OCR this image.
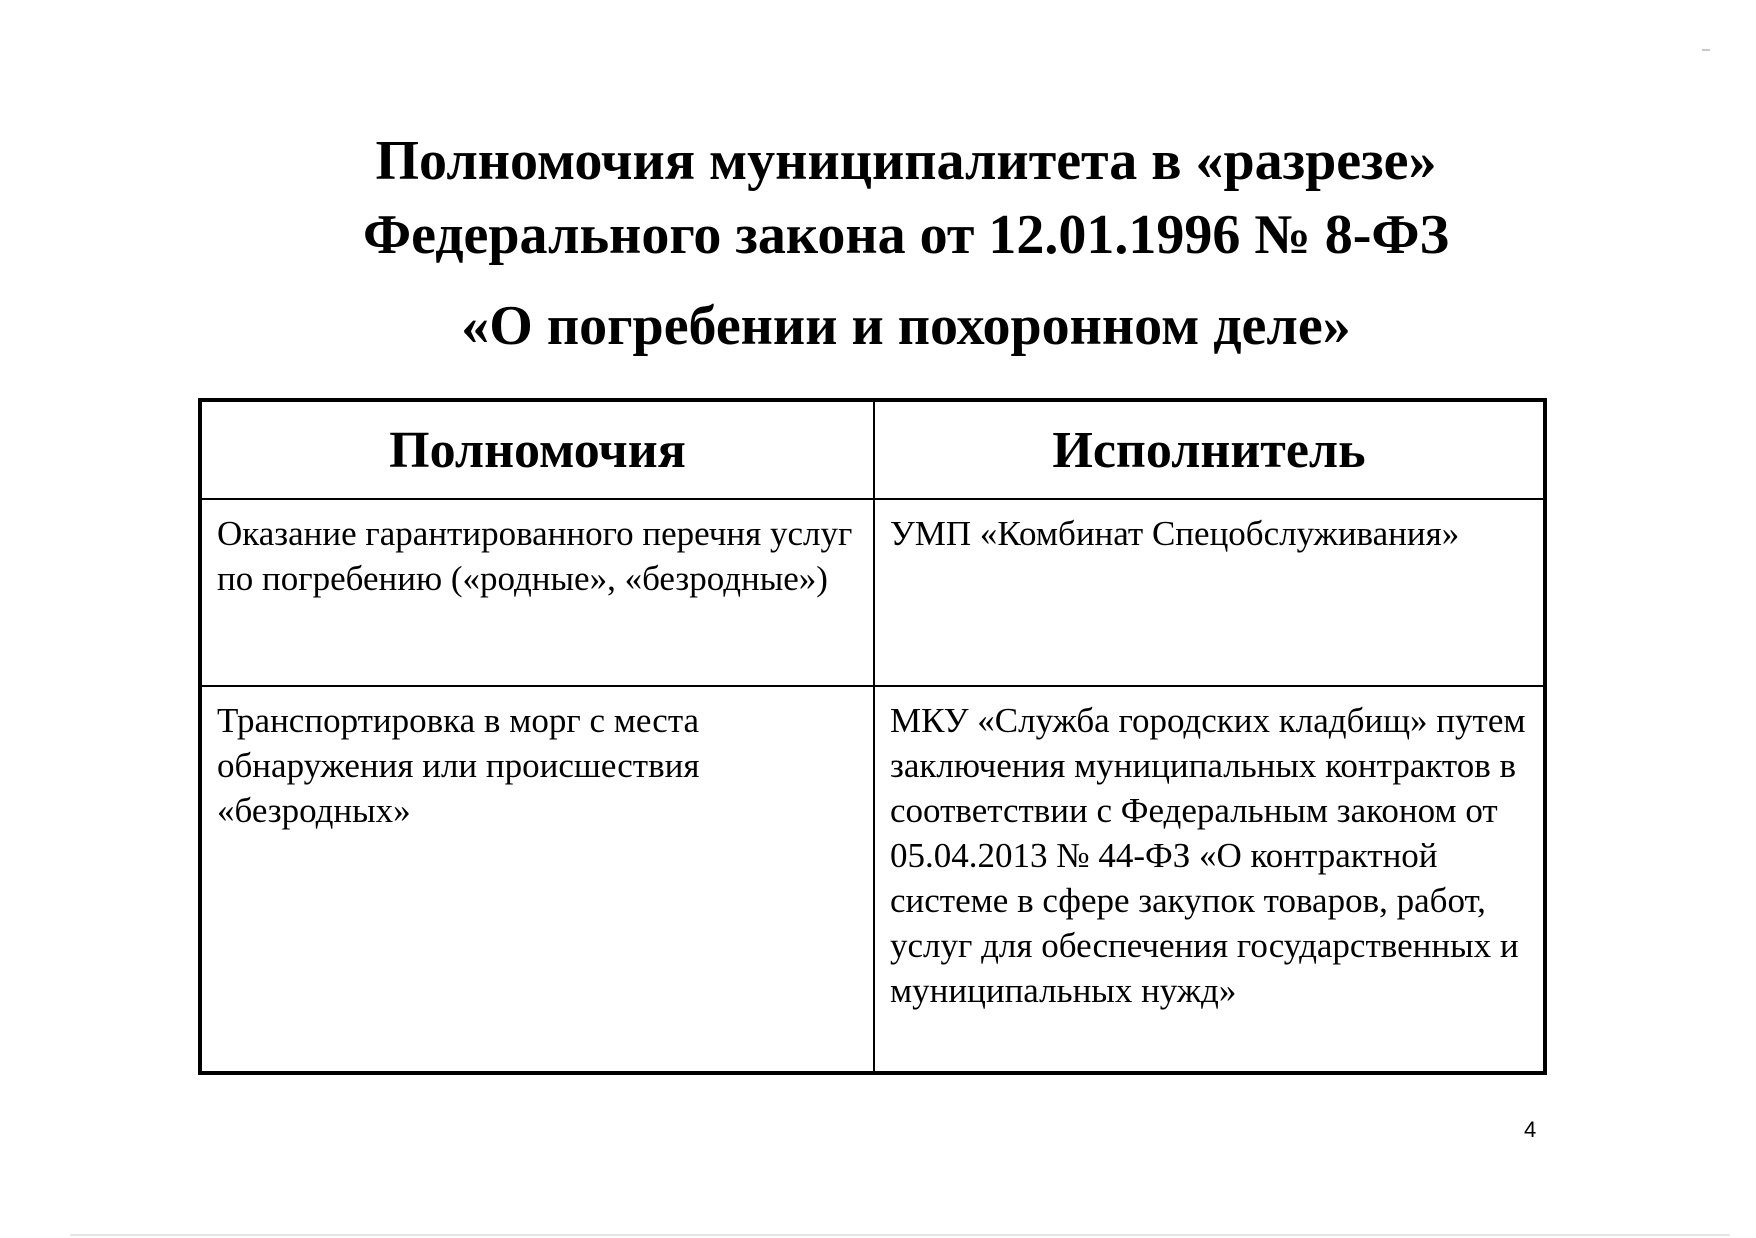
Полномочия муниципалитета в «разрезе»
Федерального закона от 12.01.1996 № 8-ФЗ
«О погребении и похоронном деле»
Полномочия	Исполнитель
Оказание гарантированного перечня услуг по погребению («родные», «безродные»)	УМП «Комбинат Спецобслуживания»
Транспортировка в морг с места обнаружения или происшествия «безродных»	МКУ «Служба городских кладбищ» путем заключения муниципальных контрактов в соответствии с Федеральным законом от 05.04.2013 № 44-ФЗ «О контрактной системе в сфере закупок товаров, работ, услуг для обеспечения государственных и муниципальных нужд»
4
